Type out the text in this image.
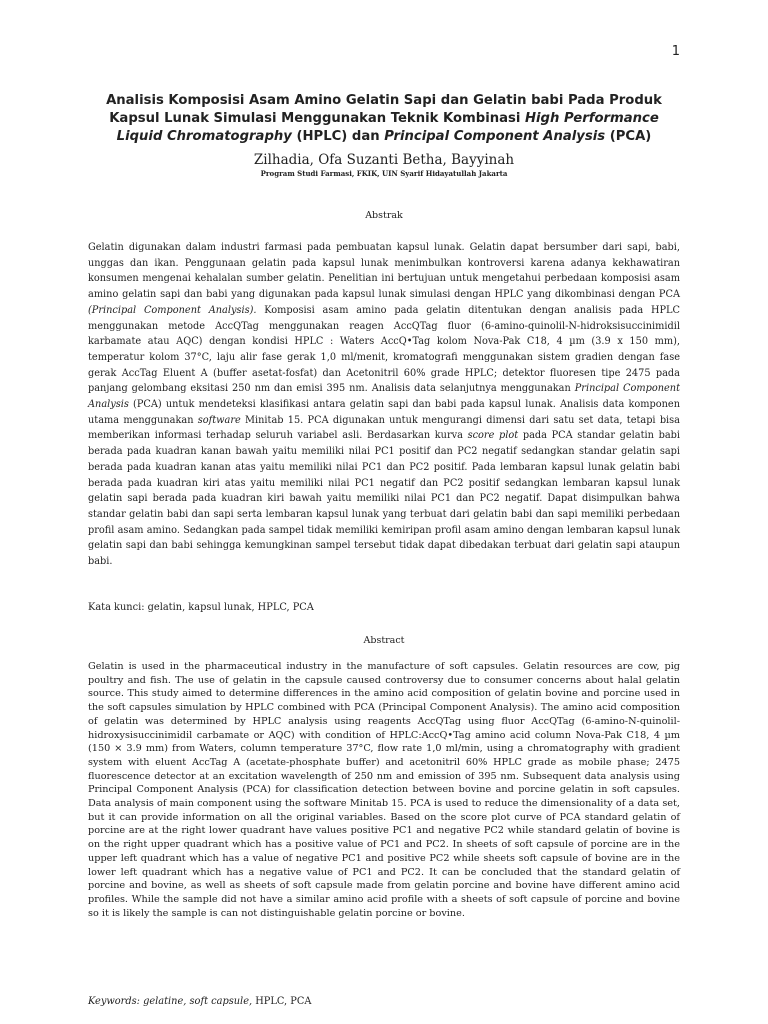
1
Analisis Komposisi Asam Amino Gelatin Sapi dan Gelatin babi Pada Produk Kapsul Lunak Simulasi Menggunakan Teknik Kombinasi High Performance Liquid Chromatography (HPLC) dan Principal Component Analysis (PCA)
Zilhadia, Ofa Suzanti Betha, Bayyinah
Program Studi Farmasi, FKIK, UIN Syarif Hidayatullah Jakarta
Abstrak

Gelatin digunakan dalam industri farmasi pada pembuatan kapsul lunak. Gelatin dapat bersumber dari sapi, babi, unggas dan ikan. Penggunaan gelatin pada kapsul lunak menimbulkan kontroversi karena adanya kekhawatiran konsumen mengenai kehalalan sumber gelatin. Penelitian ini bertujuan untuk mengetahui perbedaan komposisi asam amino gelatin sapi dan babi yang digunakan pada kapsul lunak simulasi dengan HPLC yang dikombinasi dengan PCA (Principal Component Analysis). Komposisi asam amino pada gelatin ditentukan dengan analisis pada HPLC menggunakan metode AccQTag menggunakan reagen AccQTag fluor (6-amino-quinolil-N-hidroksisuccinimidil karbamate atau AQC) dengan kondisi HPLC : Waters AccQ•Tag kolom Nova-Pak C18, 4 µm (3.9 x 150 mm), temperatur kolom 37°C, laju alir fase gerak 1,0 ml/menit, kromatografi menggunakan sistem gradien dengan fase gerak AccTag Eluent A (buffer asetat-fosfat) dan Acetonitril 60% grade HPLC; detektor fluoresen tipe 2475 pada panjang gelombang eksitasi 250 nm dan emisi 395 nm. Analisis data selanjutnya menggunakan Principal Component Analysis (PCA) untuk mendeteksi klasifikasi antara gelatin sapi dan babi pada kapsul lunak. Analisis data komponen utama menggunakan software Minitab 15. PCA digunakan untuk mengurangi dimensi dari satu set data, tetapi bisa memberikan informasi terhadap seluruh variabel asli. Berdasarkan kurva score plot pada PCA standar gelatin babi berada pada kuadran kanan bawah yaitu memiliki nilai PC1 positif dan PC2 negatif sedangkan standar gelatin sapi berada pada kuadran kanan atas yaitu memiliki nilai PC1 dan PC2 positif. Pada lembaran kapsul lunak gelatin babi berada pada kuadran kiri atas yaitu memiliki nilai PC1 negatif dan PC2 positif sedangkan lembaran kapsul lunak gelatin sapi berada pada kuadran kiri bawah yaitu memiliki nilai PC1 dan PC2 negatif. Dapat disimpulkan bahwa standar gelatin babi dan sapi serta lembaran kapsul lunak yang terbuat dari gelatin babi dan sapi memiliki perbedaan profil asam amino. Sedangkan pada sampel tidak memiliki kemiripan profil asam amino dengan lembaran kapsul lunak gelatin sapi dan babi sehingga kemungkinan sampel tersebut tidak dapat dibedakan terbuat dari gelatin sapi ataupun babi.

Kata kunci: gelatin, kapsul lunak, HPLC, PCA
Abstract

Gelatin is used in the pharmaceutical industry in the manufacture of soft capsules. Gelatin resources are cow, pig poultry and fish. The use of gelatin in the capsule caused controversy due to consumer concerns about halal gelatin source. This study aimed to determine differences in the amino acid composition of gelatin bovine and porcine used in the soft capsules simulation by HPLC combined with PCA (Principal Component Analysis). The amino acid composition of gelatin was determined by HPLC analysis using reagents AccQTag using fluor AccQTag (6-amino-N-quinolil-hidroxysisuccinimidil carbamate or AQC) with condition of HPLC:AccQ•Tag amino acid column Nova-Pak C18, 4 µm (150 × 3.9 mm) from Waters, column temperature 37°C, flow rate 1,0 ml/min, using a chromatography with gradient system with eluent AccTag A (acetate-phosphate buffer) and acetonitril 60% HPLC grade as mobile phase; 2475 fluorescence detector at an excitation wavelength of 250 nm and emission of 395 nm. Subsequent data analysis using Principal Component Analysis (PCA) for classification detection between bovine and porcine gelatin in soft capsules. Data analysis of main component using the software Minitab 15. PCA is used to reduce the dimensionality of a data set, but it can provide information on all the original variables. Based on the score plot curve of PCA standard gelatin of porcine are at the right lower quadrant have values positive PC1 and negative PC2 while standard gelatin of bovine is on the right upper quadrant which has a positive value of PC1 and PC2. In sheets of soft capsule of porcine are in the upper left quadrant which has a value of negative PC1 and positive PC2 while sheets soft capsule of bovine are in the lower left quadrant which has a negative value of PC1 and PC2. It can be concluded that the standard gelatin of porcine and bovine, as well as sheets of soft capsule made from gelatin porcine and bovine have different amino acid profiles. While the sample did not have a similar amino acid profile with a sheets of soft capsule of porcine and bovine so it is likely the sample is can not distinguishable gelatin porcine or bovine.

Keywords: gelatine, soft capsule, HPLC, PCA
